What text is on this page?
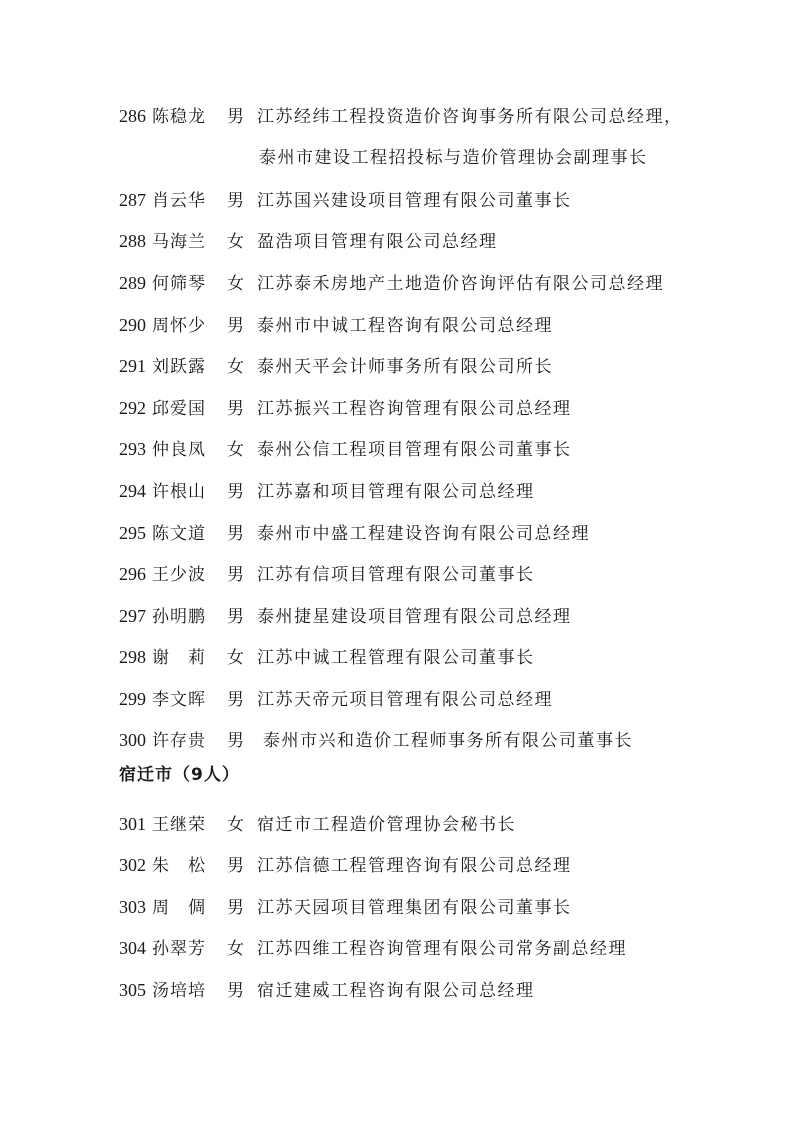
286 陈稳龙 男 江苏经纬工程投资造价咨询事务所有限公司总经理，
泰州市建设工程招投标与造价管理协会副理事长
287 肖云华 男 江苏国兴建设项目管理有限公司董事长
288 马海兰 女 盈浩项目管理有限公司总经理
289 何筛琴 女 江苏泰禾房地产土地造价咨询评估有限公司总经理
290 周怀少 男 泰州市中诚工程咨询有限公司总经理
291 刘跃露 女 泰州天平会计师事务所有限公司所长
292 邱爱国 男 江苏振兴工程咨询管理有限公司总经理
293 仲良凤 女 泰州公信工程项目管理有限公司董事长
294 许根山 男 江苏嘉和项目管理有限公司总经理
295 陈文道 男 泰州市中盛工程建设咨询有限公司总经理
296 王少波 男 江苏有信项目管理有限公司董事长
297 孙明鹏 男 泰州捷星建设项目管理有限公司总经理
298 谢　莉 女 江苏中诚工程管理有限公司董事长
299 李文晖 男 江苏天帝元项目管理有限公司总经理
300 许存贵 男 泰州市兴和造价工程师事务所有限公司董事长
宿迁市（9人）
301 王继荣 女 宿迁市工程造价管理协会秘书长
302 朱　松 男 江苏信德工程管理咨询有限公司总经理
303 周　倜 男 江苏天园项目管理集团有限公司董事长
304 孙翠芳 女 江苏四维工程咨询管理有限公司常务副总经理
305 汤培培 男 宿迁建威工程咨询有限公司总经理
